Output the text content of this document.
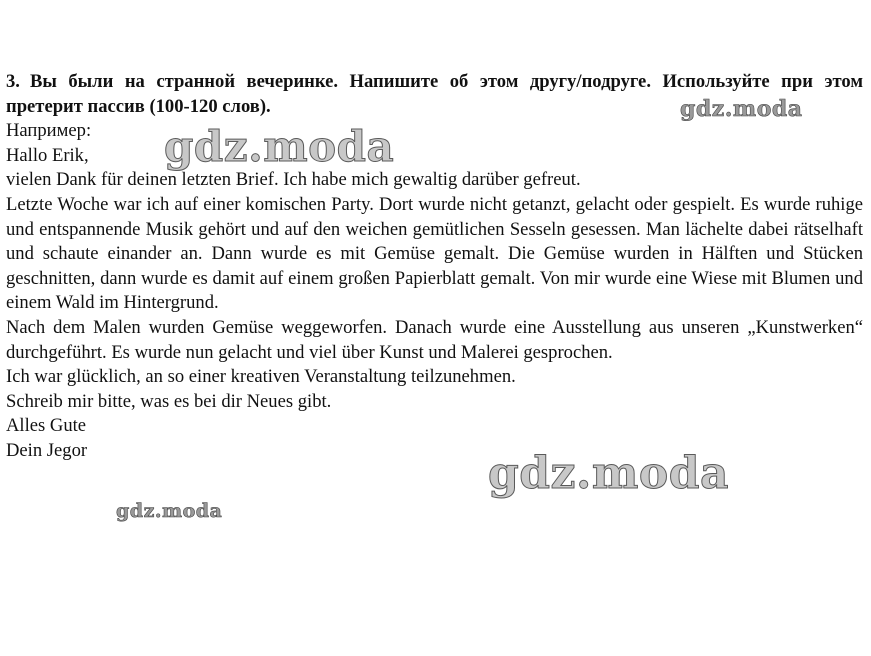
3. Вы были на странной вечеринке. Напишите об этом другу/подруге. Используйте при этом претерит пассив (100-120 слов).
Например:
Hallo Erik,
vielen Dank für deinen letzten Brief. Ich habe mich gewaltig darüber gefreut.
Letzte Woche war ich auf einer komischen Party. Dort wurde nicht getanzt, gelacht oder gespielt. Es wurde ruhige und entspannende Musik gehört und auf den weichen gemütlichen Sesseln gesessen. Man lächelte dabei rätselhaft und schaute einander an. Dann wurde es mit Gemüse gemalt. Die Gemüse wurden in Hälften und Stücken geschnitten, dann wurde es damit auf einem großen Papierblatt gemalt. Von mir wurde eine Wiese mit Blumen und einem Wald im Hintergrund.
Nach dem Malen wurden Gemüse weggeworfen. Danach wurde eine Ausstellung aus unseren „Kunstwerken“ durchgeführt. Es wurde nun gelacht und viel über Kunst und Malerei gesprochen.
Ich war glücklich, an so einer kreativen Veranstaltung teilzunehmen.
Schreib mir bitte, was es bei dir Neues gibt.
Alles Gute
Dein Jegor
gdz.moda
gdz.moda
gdz.moda
gdz.moda
